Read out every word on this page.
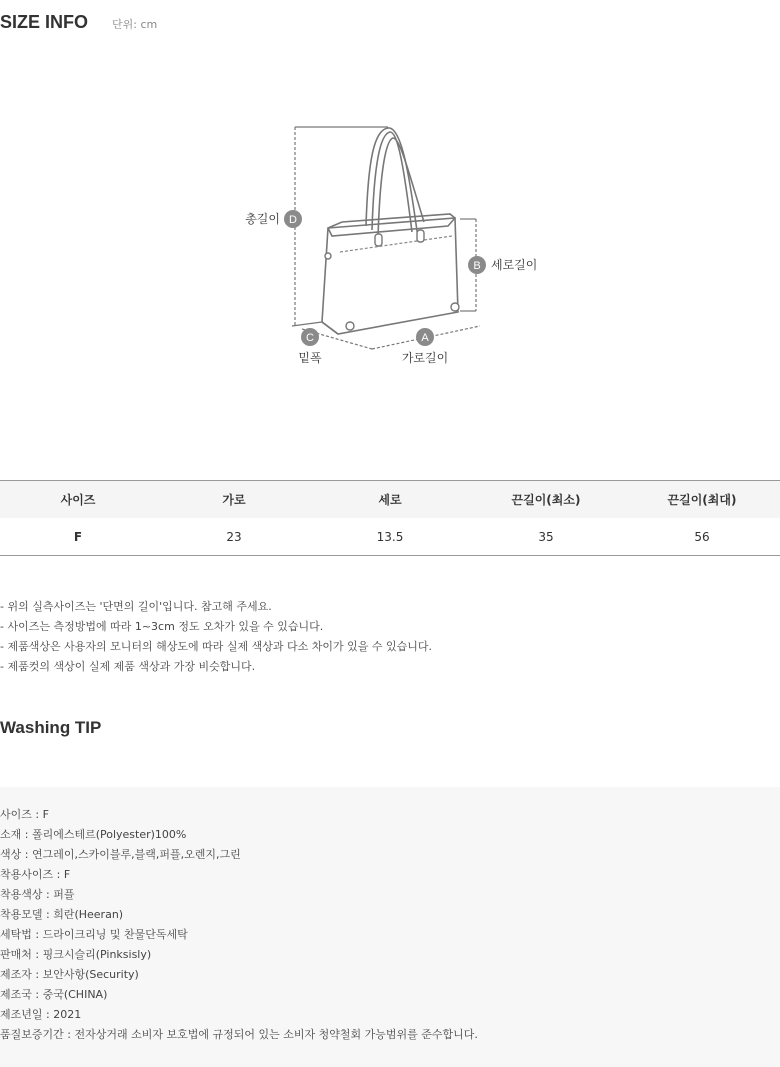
SIZE INFO 단위: cm
D
총길이
B 세로길이
C
밑폭
A
가로길이
사이즈	가로	세로	끈길이(최소)	끈길이(최대)
F	23	13.5	35	56
- 위의 실측사이즈는 '단면의 길이'입니다. 참고해 주세요.
- 사이즈는 측정방법에 따라 1~3cm 정도 오차가 있을 수 있습니다.
- 제품색상은 사용자의 모니터의 해상도에 따라 실제 색상과 다소 차이가 있을 수 있습니다.
- 제품컷의 색상이 실제 제품 색상과 가장 비슷합니다.
Washing TIP
사이즈 : F
소재 : 폴리에스테르(Polyester)100%
색상 : 연그레이,스카이블루,블랙,퍼플,오렌지,그린
착용사이즈 : F
착용색상 : 퍼플
착용모델 : 희란(Heeran)
세탁법 : 드라이크리닝 및 찬물단독세탁
판매처 : 핑크시슬리(Pinksisly)
제조자 : 보안사항(Security)
제조국 : 중국(CHINA)
제조년일 : 2021
품질보증기간 : 전자상거래 소비자 보호법에 규정되어 있는 소비자 청약철회 가능범위를 준수합니다.
